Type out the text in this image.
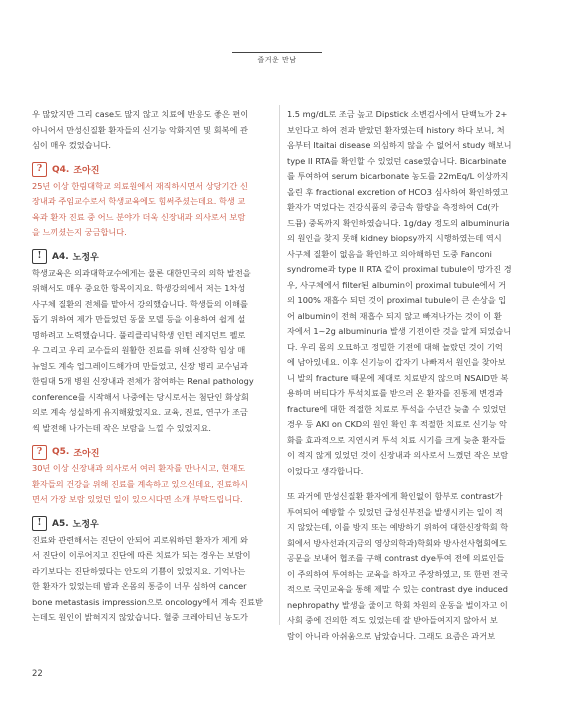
즐거운 만남

우 많았지만 그리 case도 많지 않고 치료에 반응도 좋은 편이
아니어서 만성신질환 환자들의 신기능 악화지연 및 회복에 관
심이 매우 컸었습니다.

?	Q4. 조아진

25년 이상 한림대학교 의료원에서 재직하시면서 상당기간 신
장내과 주임교수로서 학생교육에도 힘써주셨는데요. 학생 교
육과 환자 진료 중 어느 분야가 더욱 신장내과 의사로서 보람
을 느끼셨는지 궁금합니다.

!	A4. 노정우

학생교육은 의과대학교수에게는 물론 대한민국의 의학 발전을
위해서도 매우 중요한 항목이지요. 학생강의에서 저는 1차성
사구체 질환의 전체를 맡아서 강의했습니다. 학생들의 이해를
돕기 위하여 제가 만들었던 동물 모델 등을 이용하여 쉽게 설
명하려고 노력했습니다. 풀리클리닉학생 인턴 레지던트 펠로
우 그리고 우리 교수들의 원활한 진료를 위해 신장학 임상 매
뉴얼도 계속 업그레이드해가며 만들었고, 신장 병리 교수님과
한림대 5개 병원 신장내과 전체가 참여하는 Renal pathology
conference를 시작해서 나중에는 당시로서는 첨단인 화상회
의로 계속 성실하게 유지해왔었지요. 교육, 진료, 연구가 조금
씩 발전해 나가는데 작은 보람을 느낄 수 있었지요.

?	Q5. 조아진

30년 이상 신장내과 의사로서 여러 환자를 만나시고, 현재도
환자들의 건강을 위해 진료를 계속하고 있으신데요, 진료하시
면서 가장 보람 있었던 일이 있으시다면 소개 부탁드립니다.

!	A5. 노정우

진료와 관련해서는 진단이 안되어 괴로워하던 환자가 제게 와
서 진단이 이루어지고 진단에 따른 치료가 되는 경우는 보람이
라기보다는 진단하였다는 안도의 기쁨이 있었지요. 기억나는
한 환자가 있었는데 밤과 온몸의 통증이 너무 심하여 cancer
bone metastasis impression으로 oncology에서 계속 진료받
는데도 원인이 밝혀지지 않았습니다. 혈중 크레아티닌 농도가

1.5 mg/dL로 조금 높고 Dipstick 소변검사에서 단백뇨가 2+
보인다고 하여 전과 받았던 환자였는데 history 하다 보니, 처
음부터 Itaitai disease 의심하지 않을 수 없어서 study 해보니
type II RTA를 확인할 수 있었던 case였습니다. Bicarbinate
를 투여하여 serum bicarbonate 농도를 22mEq/L 이상까지
올린 후 fractional excretion of HCO3 심사하여 확인하였고
환자가 먹었다는 건강식품의 중금속 함량을 측정하여 Cd(카
드뮴) 중독까지 확인하였습니다. 1g/day 정도의 albuminuria
의 원인을 찾지 못해 kidney biopsy까지 시행하였는데 역시
사구체 질환이 없음을 확인하고 의아해하던 도중 Fanconi
syndrome과 type II RTA 같이 proximal tubule이 망가진 경
우, 사구체에서 filter된 albumin이 proximal tubule에서 거
의 100% 재흡수 되던 것이 proximal tubule이 큰 손상을 입
어 albumin이 전혀 재흡수 되지 않고 빠져나가는 것이 이 환
자에서 1~2g albuminuria 발생 기전이란 것을 알게 되었습니
다. 우리 몸의 오묘하고 정밀한 기전에 대해 놀랐던 것이 기억
에 남아있네요. 이후 신기능이 갑자기 나빠져서 원인을 찾아보
니 발의 fracture 때문에 제대로 치료받지 않으며 NSAID만 복
용하며 버티다가 투석치료를 받으러 온 환자를 진통제 변경과
fracture에 대한 적절한 치료로 투석을 수년간 늦출 수 있었던
경우 등 AKI on CKD의 원인 확인 후 적절한 치료로 신기능 악
화를 효과적으로 지연시켜 투석 치료 시기를 크게 늦춘 환자들
이 적지 않게 있었던 것이 신장내과 의사로서 느꼈던 작은 보람
이었다고 생각합니다.

또 과거에 만성신질환 환자에게 확인없이 함부로 contrast가
투여되어 예방할 수 있었던 급성신부전을 발생시키는 일이 적
지 않았는데, 이를 방지 또는 예방하기 위하여 대한신장학회 학
회에서 방사선과(지금의 영상의학과)학회와 방사선사협회에도
공문을 보내어 협조를 구해 contrast dye투여 전에 의료인들
이 주의하여 투여하는 교육을 하자고 주장하였고, 또 한편 전국
적으로 국민교육을 통해 제말 수 있는 contrast dye induced
nephropathy 발생을 줄이고 학회 차원의 운동을 벌이자고 이
사회 중에 건의한 적도 있었는데 잘 받아들여지지 않아서 보
람이 아니라 아쉬움으로 남았습니다. 그래도 요즘은 과거보

22
